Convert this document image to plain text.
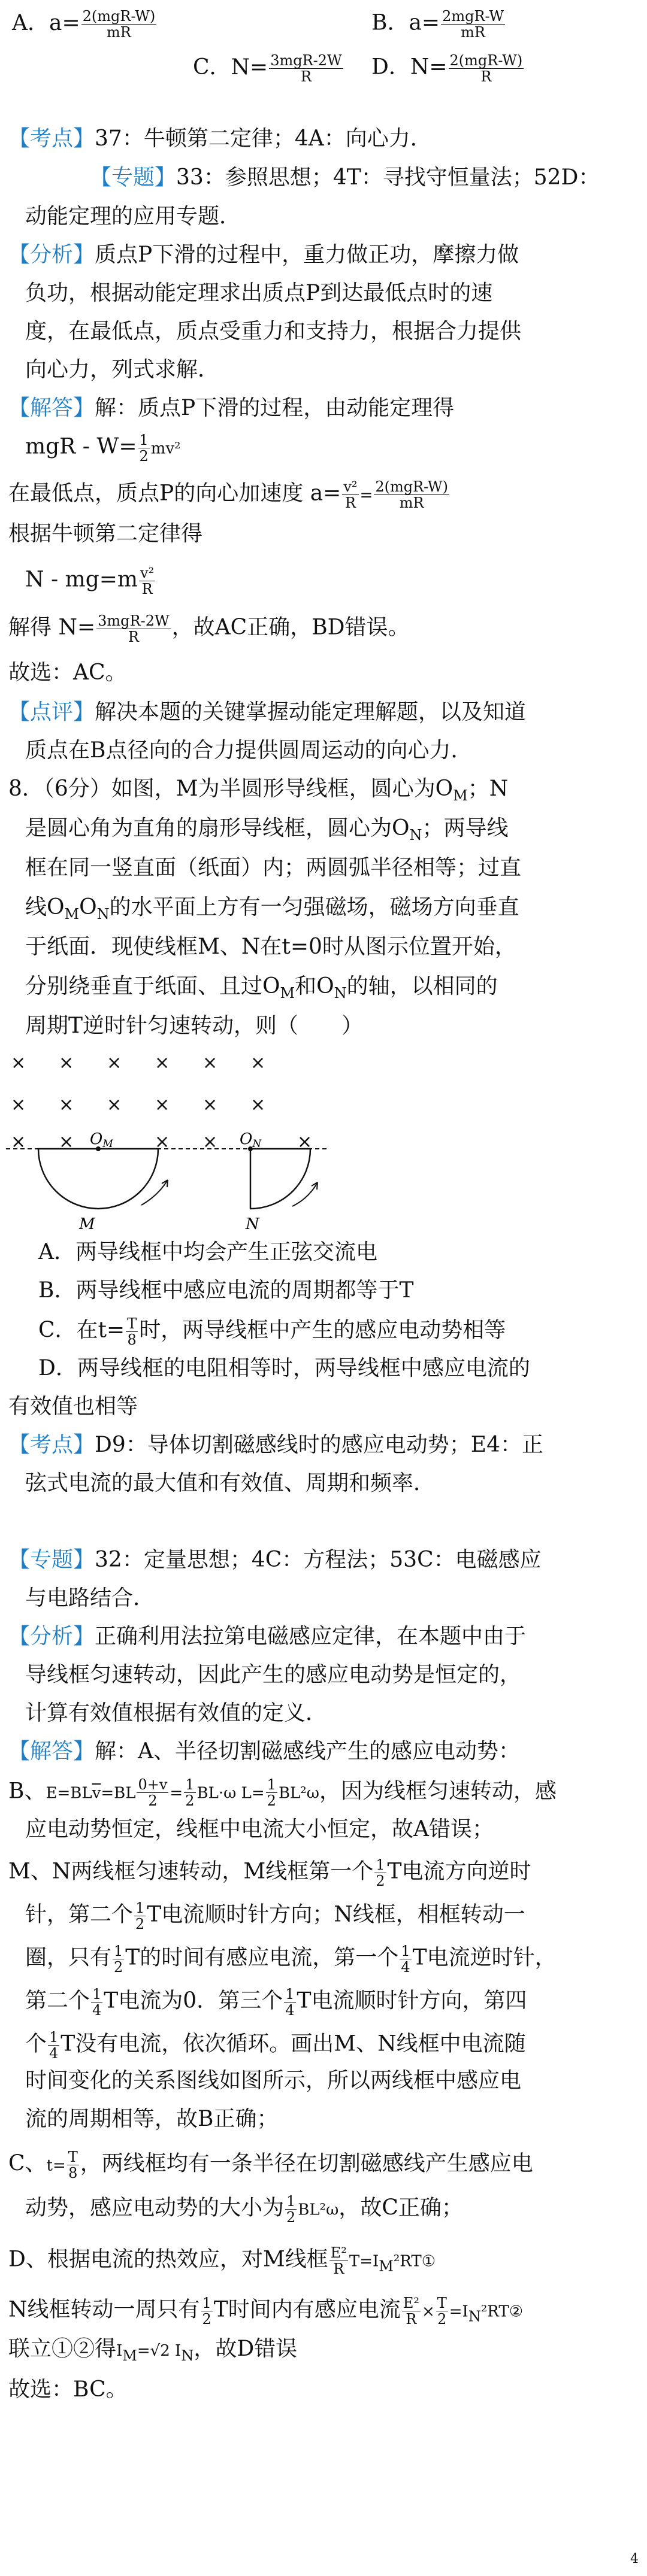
A．$a= \frac{\text{2(mgR-W)}}{mR}$	B．$a= \frac{\text{2mgR-W}}{mR}$
C．$N= \frac{\text{3mgR-2W}}{R}$ D．$N= \frac{\text{2(mgR-W)}}{R}$
【考点】37：牛顿第二定律；4A：向心力．
【专题】33：参照思想；4T：寻找守恒量法；52D：
动能定理的应用专题．
【分析】质点P下滑的过程中，重力做正功，摩擦力做
负功，根据动能定理求出质点P到达最低点时的速
度，在最低点，质点受重力和支持力，根据合力提供
向心力，列式求解．
【解答】解：质点P下滑的过程，由动能定理得
mgR - $W= \frac{1}{2} mv^2$
在最低点，质点P的向心加速度 $a= \frac{\text{v²}}{R} = \frac{\text{2(mgR-W)}}{mR}$
根据牛顿第二定律得
$N - mg=m \frac{\text{v²}}{R}$
解得 $N= \frac{\text{3mgR-2W}}{R}$ ，故AC正确，BD错误。
故选：AC。
【点评】解决本题的关键掌握动能定理解题，以及知道
质点在B点径向的合力提供圆周运动的向心力．
8．（6分）如图，M为半圆形导线框，圆心为$O_M$；N
是圆心角为直角的扇形导线框，圆心为$O_N$；两导线
框在同一竖直面（纸面）内；两圆弧半径相等；过直
线$O_MO_N$的水平面上方有一匀强磁场，磁场方向垂直
于纸面．现使线框M、N在t=0时从图示位置开始，
分别绕垂直于纸面、且过$O_M$和$O_N$的轴，以相同的
周期T逆时针匀速转动，则（　　）
× × × × × ×
× × × × × ×
× ×	× ×	×
OM
M
ON
N
A．两导线框中均会产生正弦交流电
B．两导线框中感应电流的周期都等于T
C．在$t= \frac{T}{8}$ 时，两导线框中产生的感应电动势相等
D．两导线框的电阻相等时，两导线框中感应电流的
有效值也相等
【考点】D9：导体切割磁感线时的感应电动势；E4：正
弦式电流的最大值和有效值、周期和频率．
【专题】32：定量思想；4C：方程法；53C：电磁感应
与电路结合．
【分析】正确利用法拉第电磁感应定律，在本题中由于
导线框匀速转动，因此产生的感应电动势是恒定的，
计算有效值根据有效值的定义．
【解答】解：A、半径切割磁感线产生的感应电动势：
B、$E=BL\overline{v}=BL \frac{0+v}{2} = \frac{1}{2} BL\cdot\omega$ $L= \frac{1}{2} BL^2\omega$，因为线框匀速转动，感
应电动势恒定，线框中电流大小恒定，故A错误；
M、N两线框匀速转动，M线框第一个 $\frac{1}{2}$ T电流方向逆时
针，第二个 $\frac{1}{2}$ T电流顺时针方向；N线框，相框转动一
圈，只有 $\frac{1}{2}$ T的时间有感应电流，第一个 $\frac{1}{4}$ T电流逆时针，
第二个 $\frac{1}{4}$ T电流为0．第三个 $\frac{1}{4}$ T电流顺时针方向，第四
个 $\frac{1}{4}$ T没有电流，依次循环。画出M、N线框中电流随
时间变化的关系图线如图所示，所以两线框中感应电
流的周期相等，故B正确；
C、$t= \frac{T}{8}$ ，两线框均有一条半径在切割磁感线产生感应电
动势，感应电动势的大小为 $\frac{1}{2} BL^2\omega$，故C正确；
D、根据电流的热效应，对M线框 $\frac{\text{E²}}{R}$ $T=I_M^2RT①$
N线框转动一周只有 $\frac{1}{2}$ T时间内有感应电流 $\frac{\text{E²}}{R} \times \frac{T}{2}$ $=I_N^2RT②$
联立①②得$I_M=√2$ $I_N$，故D错误
故选：BC。
4
